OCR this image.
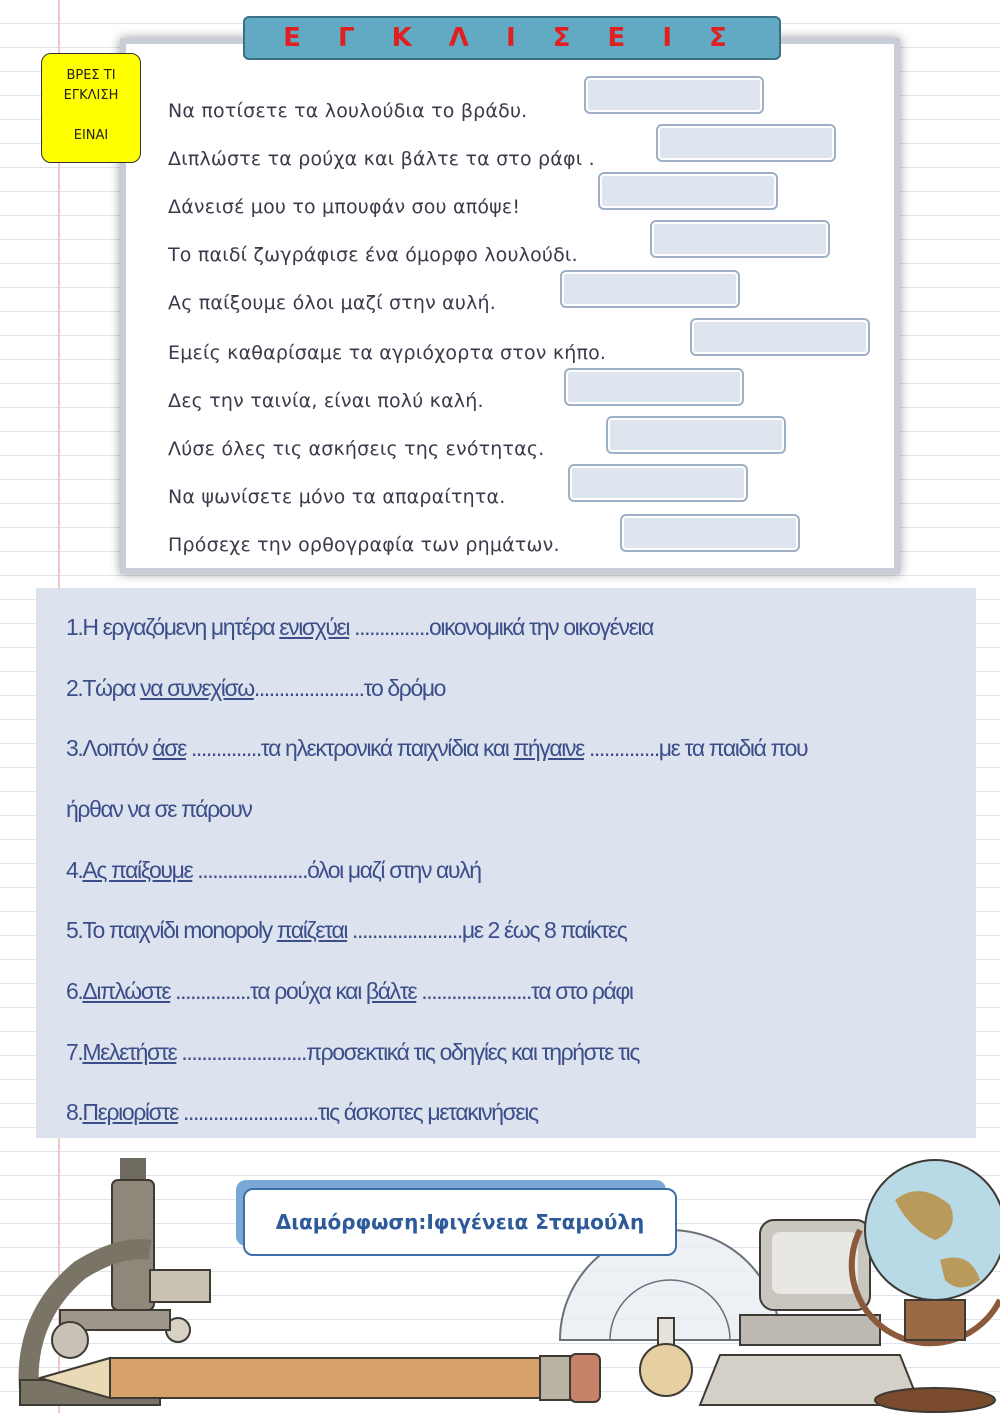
Να ποτίσετε τα λουλούδια το βράδυ.
Διπλώστε τα ρούχα και βάλτε τα στο ράφι .
Δάνεισέ μου το μπουφάν σου απόψε!
Το παιδί ζωγράφισε ένα όμορφο λουλούδι.
Ας παίξουμε όλοι μαζί στην αυλή.
Εμείς καθαρίσαμε τα αγριόχορτα στον κήπο.
Δες την ταινία, είναι πολύ καλή.
Λύσε όλες τις ασκήσεις της ενότητας.
Να ψωνίσετε μόνο τα απαραίτητα.
Πρόσεχε την ορθογραφία των ρημάτων.
Ε Γ Κ Λ Ι Σ Ε Ι Σ
ΒΡΕΣ ΤΙ
ΕΓΚΛΙΣΗ
ΕΙΝΑΙ
1.Η εργαζόμενη μητέρα ενισχύει ...............οικονομικά την οικογένεια
2.Τώρα να συνεχίσω......................το δρόμο
3.Λοιπόν άσε ..............τα ηλεκτρονικά παιχνίδια και πήγαινε ..............με τα παιδιά που
ήρθαν να σε πάρουν
4.Ας παίξουμε ......................όλοι μαζί στην αυλή
5.Το παιχνίδι monopoly παίζεται ......................με 2 έως 8 παίκτες
6.Διπλώστε ...............τα ρούχα και βάλτε ......................τα στο ράφι
7.Μελετήστε .........................προσεκτικά τις οδηγίες και τηρήστε τις
8.Περιορίστε ...........................τις άσκοπες μετακινήσεις
Διαμόρφωση:Ιφιγένεια Σταμούλη
